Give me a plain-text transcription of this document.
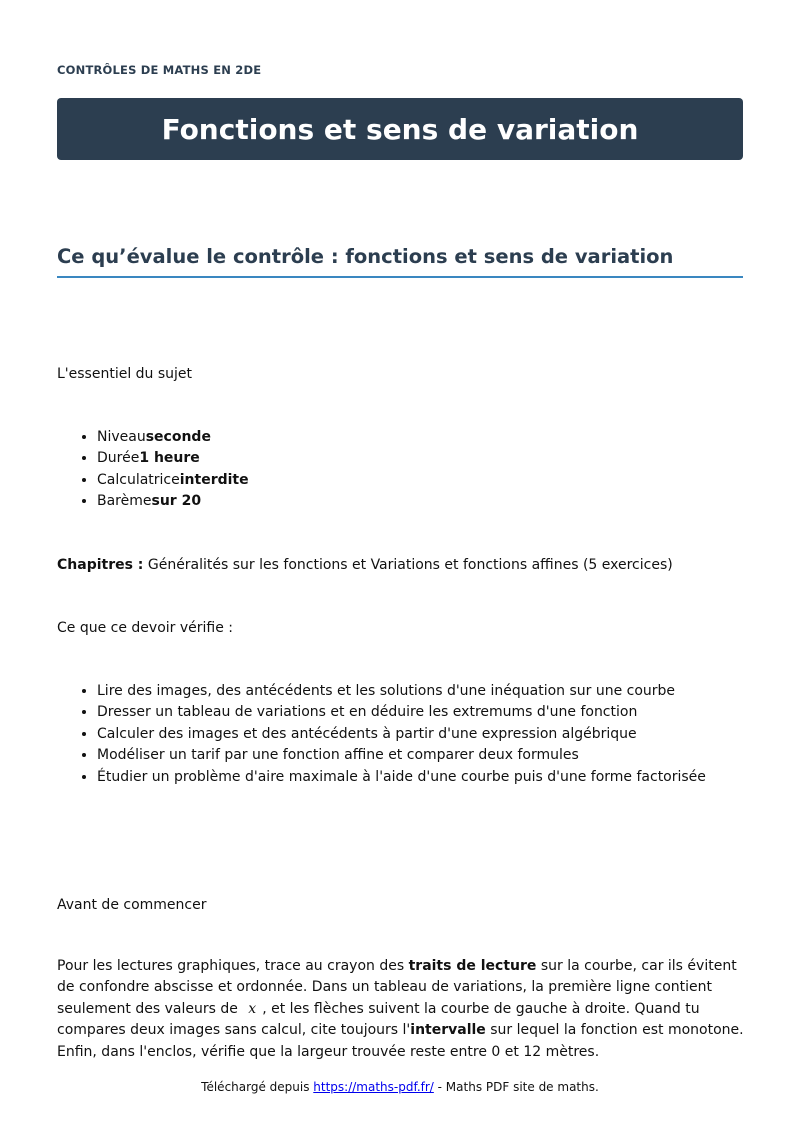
CONTRÔLES DE MATHS EN 2DE
Fonctions et sens de variation
Ce qu’évalue le contrôle : fonctions et sens de variation

L'essentiel du sujet

• Niveauseconde
• Durée1 heure
• Calculatriceinterdite
• Barèmesur 20

Chapitres : Généralités sur les fonctions et Variations et fonctions affines (5 exercices)

Ce que ce devoir vérifie :

• Lire des images, des antécédents et les solutions d'une inéquation sur une courbe
• Dresser un tableau de variations et en déduire les extremums d'une fonction
• Calculer des images et des antécédents à partir d'une expression algébrique
• Modéliser un tarif par une fonction affine et comparer deux formules
• Étudier un problème d'aire maximale à l'aide d'une courbe puis d'une forme factorisée

Avant de commencer

Pour les lectures graphiques, trace au crayon des traits de lecture sur la courbe, car ils évitent de confondre abscisse et ordonnée. Dans un tableau de variations, la première ligne contient seulement des valeurs de x , et les flèches suivent la courbe de gauche à droite. Quand tu compares deux images sans calcul, cite toujours l'intervalle sur lequel la fonction est monotone. Enfin, dans l'enclos, vérifie que la largeur trouvée reste entre 0 et 12 mètres.

Téléchargé depuis https://maths-pdf.fr/ - Maths PDF site de maths.
